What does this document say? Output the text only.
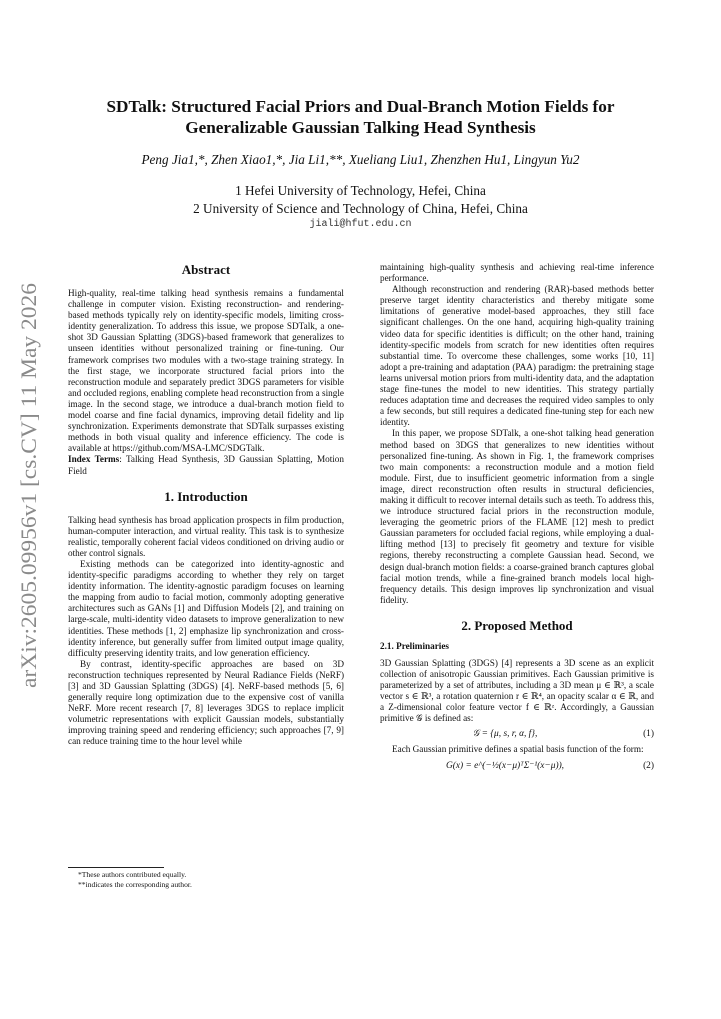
arXiv:2605.09956v1 [cs.CV] 11 May 2026
SDTalk: Structured Facial Priors and Dual-Branch Motion Fields for
Generalizable Gaussian Talking Head Synthesis
Peng Jia1,*, Zhen Xiao1,*, Jia Li1,**, Xueliang Liu1, Zhenzhen Hu1, Lingyun Yu2
1 Hefei University of Technology, Hefei, China
2 University of Science and Technology of China, Hefei, China
jiali@hfut.edu.cn
Abstract

High-quality, real-time talking head synthesis remains a fundamental challenge in computer vision. Existing reconstruction- and rendering-based methods typically rely on identity-specific models, limiting cross-identity generalization. To address this issue, we propose SDTalk, a one-shot 3D Gaussian Splatting (3DGS)-based framework that generalizes to unseen identities without personalized training or fine-tuning. Our framework comprises two modules with a two-stage training strategy. In the first stage, we incorporate structured facial priors into the reconstruction module and separately predict 3DGS parameters for visible and occluded regions, enabling complete head reconstruction from a single image. In the second stage, we introduce a dual-branch motion field to model coarse and fine facial dynamics, improving detail fidelity and lip synchronization. Experiments demonstrate that SDTalk surpasses existing methods in both visual quality and inference efficiency. The code is available at https://github.com/MSA-LMC/SDGTalk.

Index Terms: Talking Head Synthesis, 3D Gaussian Splatting, Motion Field

1. Introduction

Talking head synthesis has broad application prospects in film production, human-computer interaction, and virtual reality. This task is to synthesize realistic, temporally coherent facial videos conditioned on driving audio or other control signals.

Existing methods can be categorized into identity-agnostic and identity-specific paradigms according to whether they rely on target identity information. The identity-agnostic paradigm focuses on learning the mapping from audio to facial motion, commonly adopting generative architectures such as GANs [1] and Diffusion Models [2], and training on large-scale, multi-identity video datasets to improve generalization to new identities. These methods [1, 2] emphasize lip synchronization and cross-identity inference, but generally suffer from limited output image quality, difficulty preserving identity traits, and low generation efficiency.

By contrast, identity-specific approaches are based on 3D reconstruction techniques represented by Neural Radiance Fields (NeRF) [3] and 3D Gaussian Splatting (3DGS) [4]. NeRF-based methods [5, 6] generally require long optimization due to the expensive cost of vanilla NeRF. More recent research [7, 8] leverages 3DGS to replace implicit volumetric representations with explicit Gaussian models, substantially improving training speed and rendering efficiency; such approaches [7, 9] can reduce training time to the hour level while

*These authors contributed equally.

**indicates the corresponding author.

maintaining high-quality synthesis and achieving real-time inference performance.

Although reconstruction and rendering (RAR)-based methods better preserve target identity characteristics and thereby mitigate some limitations of generative model-based approaches, they still face significant challenges. On the one hand, acquiring high-quality training video data for specific identities is difficult; on the other hand, training identity-specific models from scratch for new identities often requires substantial time. To overcome these challenges, some works [10, 11] adopt a pre-training and adaptation (PAA) paradigm: the pretraining stage learns universal motion priors from multi-identity data, and the adaptation stage fine-tunes the model to new identities. This strategy partially reduces adaptation time and decreases the required video samples to only a few seconds, but still requires a dedicated fine-tuning step for each new identity.

In this paper, we propose SDTalk, a one-shot talking head generation method based on 3DGS that generalizes to new identities without personalized fine-tuning. As shown in Fig. 1, the framework comprises two main components: a reconstruction module and a motion field module. First, due to insufficient geometric information from a single image, direct reconstruction often results in structural deficiencies, making it difficult to recover internal details such as teeth. To address this, we introduce structured facial priors in the reconstruction module, leveraging the geometric priors of the FLAME [12] mesh to predict Gaussian parameters for occluded facial regions, while employing a dual-lifting method [13] to precisely fit geometry and texture for visible regions, thereby reconstructing a complete Gaussian head. Second, we design dual-branch motion fields: a coarse-grained branch captures global facial motion trends, while a fine-grained branch models local high-frequency details. This design improves lip synchronization and visual fidelity.

2. Proposed Method
2.1. Preliminaries

3D Gaussian Splatting (3DGS) [4] represents a 3D scene as an explicit collection of anisotropic Gaussian primitives. Each Gaussian primitive is parameterized by a set of attributes, including a 3D mean μ ∈ ℝ³, a scale vector s ∈ ℝ³, a rotation quaternion r ∈ ℝ⁴, an opacity scalar α ∈ ℝ, and a Z-dimensional color feature vector f ∈ ℝᶻ. Accordingly, a Gaussian primitive 𝒢 is defined as:

𝒢 = {μ, s, r, α, f},	(1)

Each Gaussian primitive defines a spatial basis function of the form:

G(x) = e^(−½(x−μ)ᵀΣ⁻¹(x−μ)),	(2)
